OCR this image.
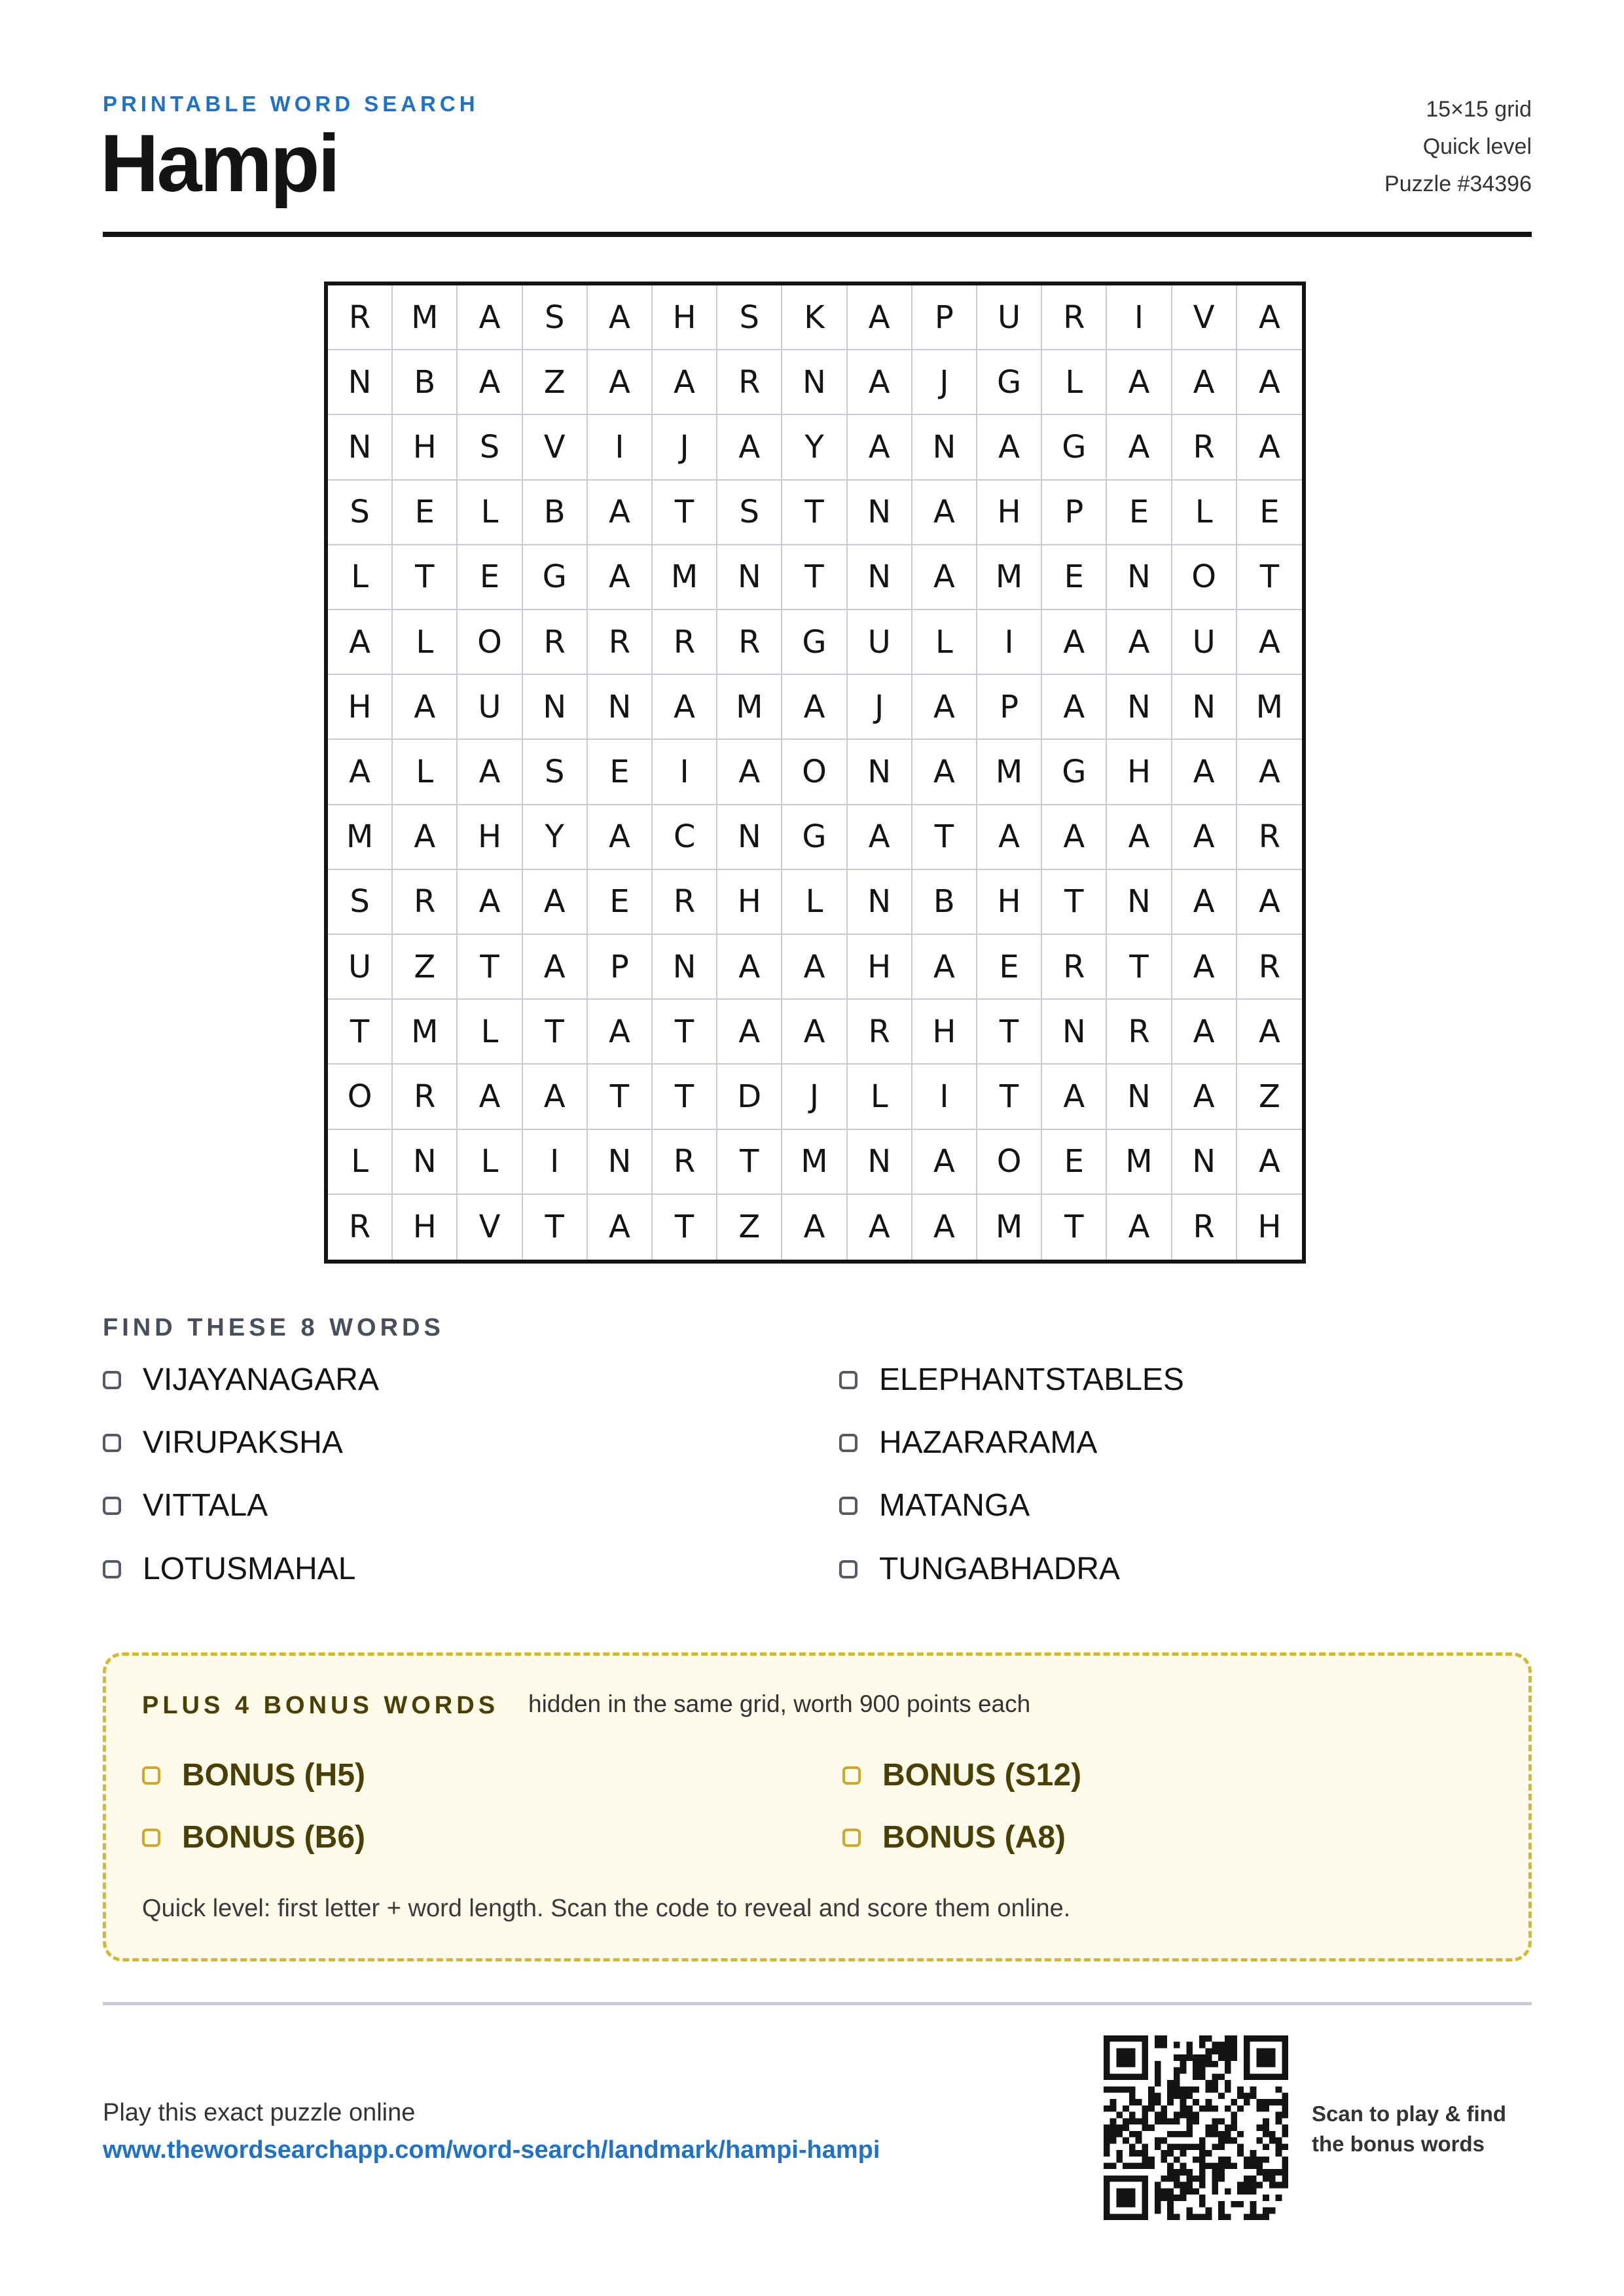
PRINTABLE WORD SEARCH
Hampi
15×15 grid
Quick level
Puzzle #34396
R	M	A	S	A	H	S	K	A	P	U	R	I	V	A
N	B	A	Z	A	A	R	N	A	J	G	L	A	A	A
N	H	S	V	I	J	A	Y	A	N	A	G	A	R	A
S	E	L	B	A	T	S	T	N	A	H	P	E	L	E
L	T	E	G	A	M	N	T	N	A	M	E	N	O	T
A	L	O	R	R	R	R	G	U	L	I	A	A	U	A
H	A	U	N	N	A	M	A	J	A	P	A	N	N	M
A	L	A	S	E	I	A	O	N	A	M	G	H	A	A
M	A	H	Y	A	C	N	G	A	T	A	A	A	A	R
S	R	A	A	E	R	H	L	N	B	H	T	N	A	A
U	Z	T	A	P	N	A	A	H	A	E	R	T	A	R
T	M	L	T	A	T	A	A	R	H	T	N	R	A	A
O	R	A	A	T	T	D	J	L	I	T	A	N	A	Z
L	N	L	I	N	R	T	M	N	A	O	E	M	N	A
R	H	V	T	A	T	Z	A	A	A	M	T	A	R	H
FIND THESE 8 WORDS
VIJAYANAGARA	ELEPHANTSTABLES
VIRUPAKSHA	HAZARARAMA
VITTALA	MATANGA
LOTUSMAHAL	TUNGABHADRA
PLUS 4 BONUS WORDS hidden in the same grid, worth 900 points each
BONUS (H5)	BONUS (S12)
BONUS (B6)	BONUS (A8)
Quick level: first letter + word length. Scan the code to reveal and score them online.
Play this exact puzzle online
www.thewordsearchapp.com/word-search/landmark/hampi-hampi
Scan to play & find
the bonus words
